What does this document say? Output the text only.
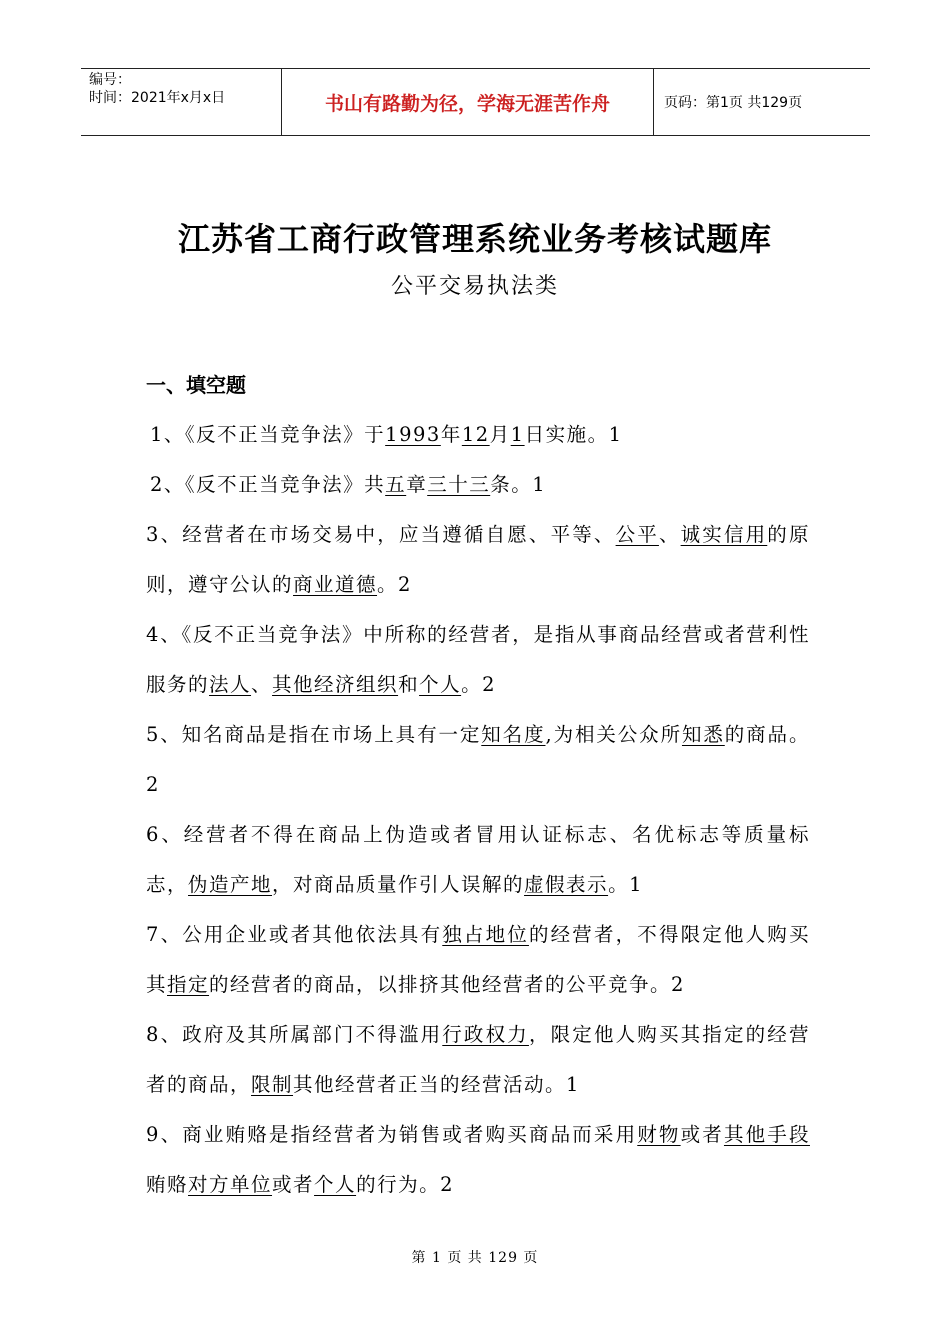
编号：
时间：2021年x月x日	书山有路勤为径，学海无涯苦作舟	页码：第1页 共129页
江苏省工商行政管理系统业务考核试题库
公平交易执法类
一、填空题

1、《反不正当竞争法》于1993年12月1日实施。1

2、《反不正当竞争法》共五章三十三条。1

3、经营者在市场交易中，应当遵循自愿、平等、公平、诚实信用的原则，遵守公认的商业道德。2

4、《反不正当竞争法》中所称的经营者，是指从事商品经营或者营利性服务的法人、其他经济组织和个人。2

5、知名商品是指在市场上具有一定知名度,为相关公众所知悉的商品。2

6、经营者不得在商品上伪造或者冒用认证标志、名优标志等质量标志，伪造产地，对商品质量作引人误解的虚假表示。1

7、公用企业或者其他依法具有独占地位的经营者，不得限定他人购买其指定的经营者的商品，以排挤其他经营者的公平竞争。2

8、政府及其所属部门不得滥用行政权力，限定他人购买其指定的经营者的商品，限制其他经营者正当的经营活动。1

9、商业贿赂是指经营者为销售或者购买商品而采用财物或者其他手段贿赂对方单位或者个人的行为。2

第 1 页 共 129 页
